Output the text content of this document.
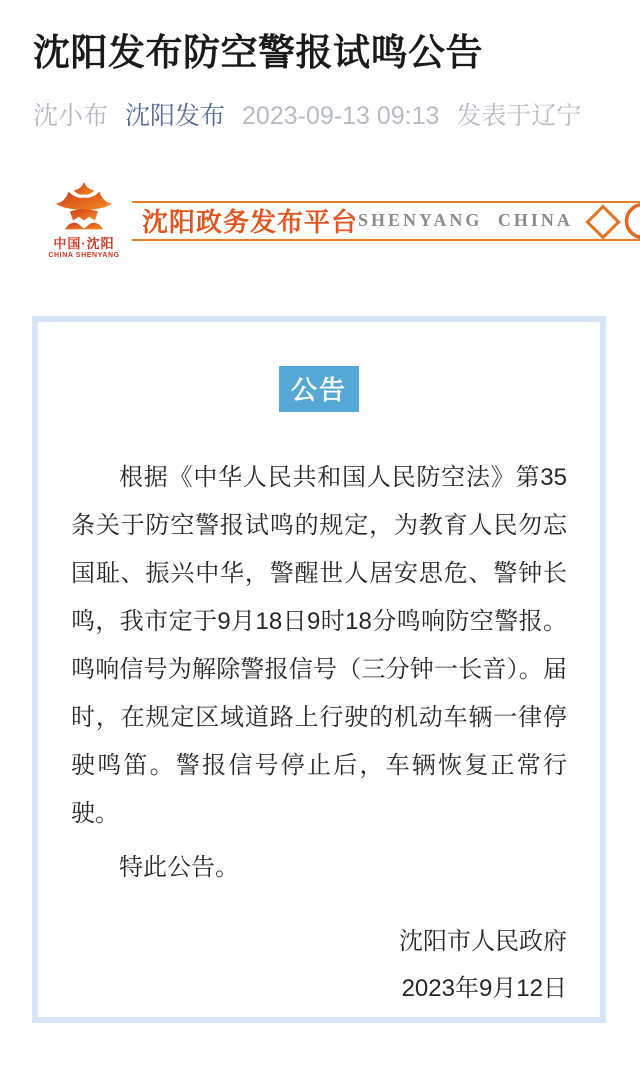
沈阳发布防空警报试鸣公告
沈小布 沈阳发布 2023-09-13 09:13 发表于辽宁
中国·沈阳
CHINA SHENYANG
沈阳政务发布平台 SHENYANG CHINA
公告

根据《中华人民共和国人民防空法》第35条关于防空警报试鸣的规定，为教育人民勿忘国耻、振兴中华，警醒世人居安思危、警钟长鸣，我市定于9月18日9时18分鸣响防空警报。鸣响信号为解除警报信号（三分钟一长音）。届时，在规定区域道路上行驶的机动车辆一律停驶鸣笛。警报信号停止后，车辆恢复正常行驶。

特此公告。

沈阳市人民政府
2023年9月12日
